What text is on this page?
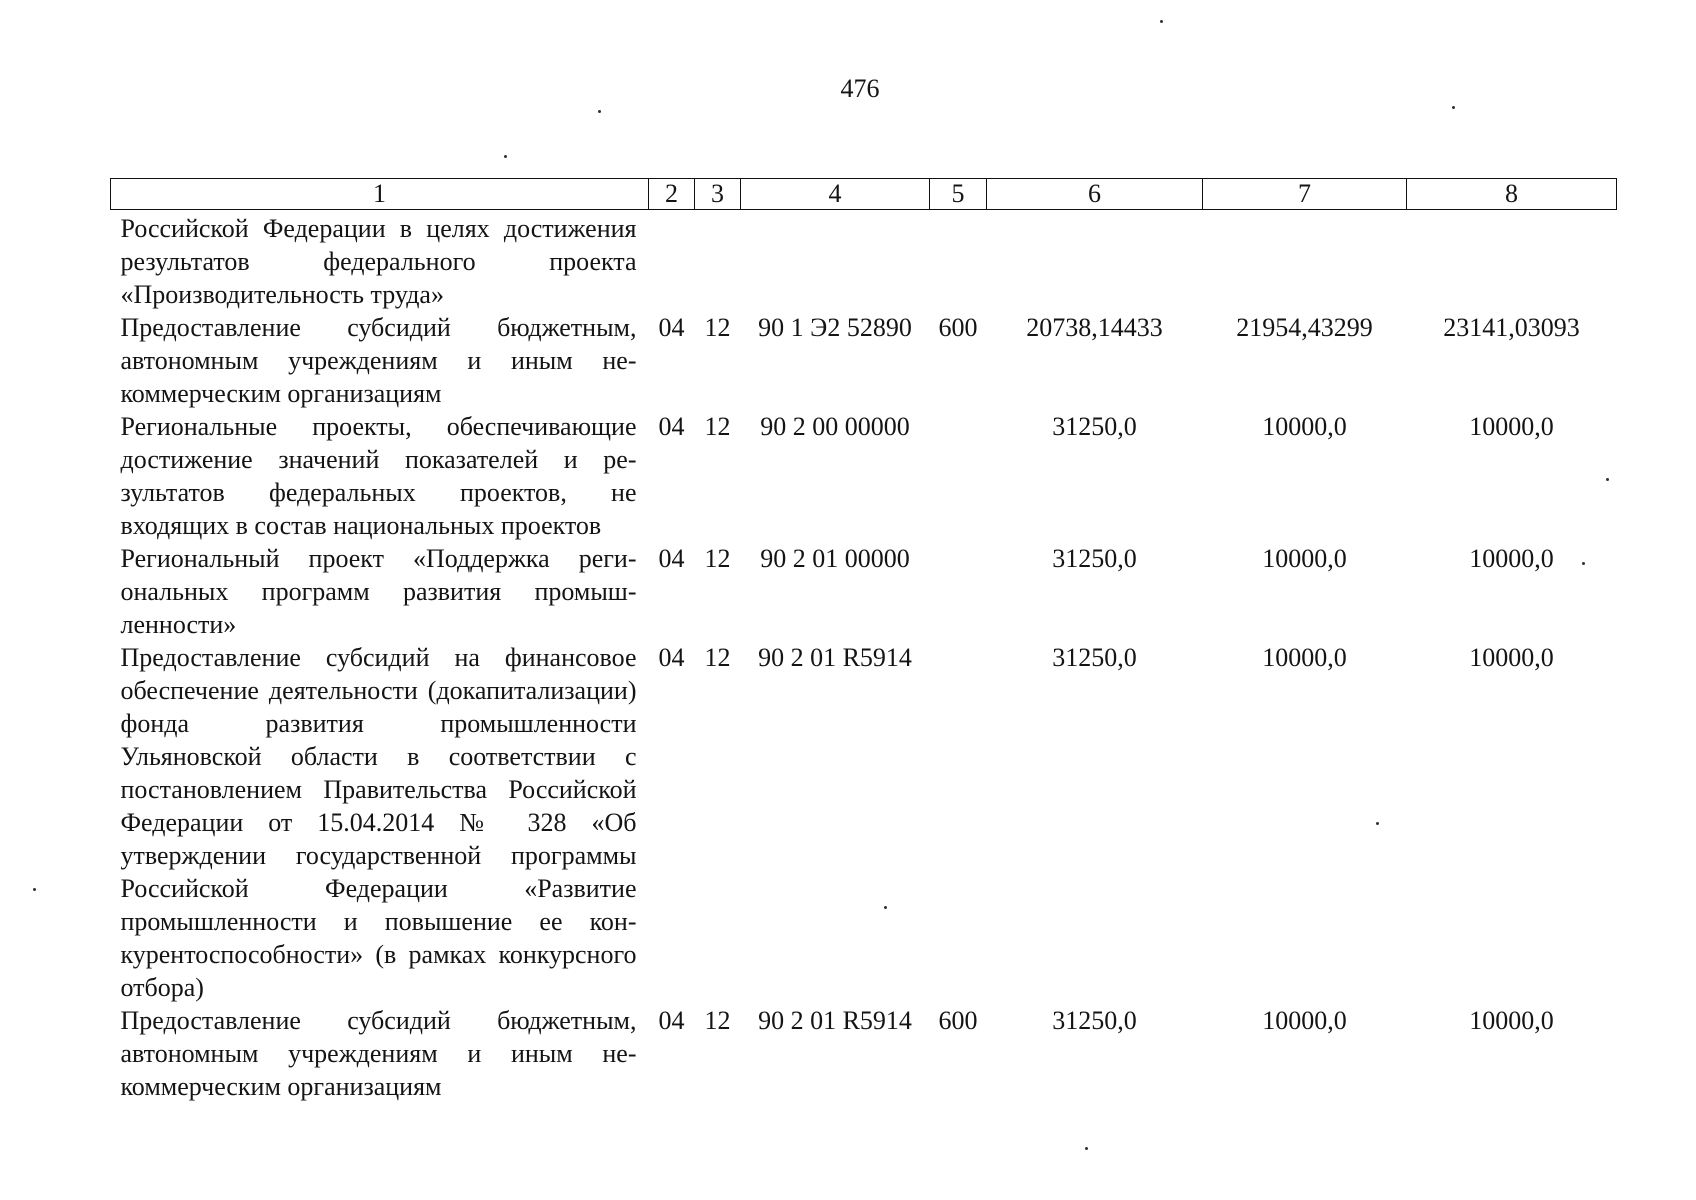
476
1	2	3	4	5	6	7	8
Российской Федерации в целях достижения результатов федерального проекта «Производительность труда»							
Предоставление субсидий бюджетным, автономным учреждениям и иным некоммерческим организациям	04	12	90 1 Э2 52890	600	20738,14433	21954,43299	23141,03093
Региональные проекты, обеспечивающие достижение значений показателей и результатов федеральных проектов, не входящих в состав национальных проектов	04	12	90 2 00 00000		31250,0	10000,0	10000,0
Региональный проект «Поддержка региональных программ развития промышленности»	04	12	90 2 01 00000		31250,0	10000,0	10000,0
Предоставление субсидий на финансовое обеспечение деятельности (докапитализации) фонда развития промышленности Ульяновской области в соответствии с постановлением Правительства Российской Федерации от 15.04.2014 № 328 «Об утверждении государственной программы Российской Федерации «Развитие промышленности и повышение ее конкурентоспособности» (в рамках конкурсного отбора)	04	12	90 2 01 R5914		31250,0	10000,0	10000,0
Предоставление субсидий бюджетным, автономным учреждениям и иным некоммерческим организациям	04	12	90 2 01 R5914	600	31250,0	10000,0	10000,0
